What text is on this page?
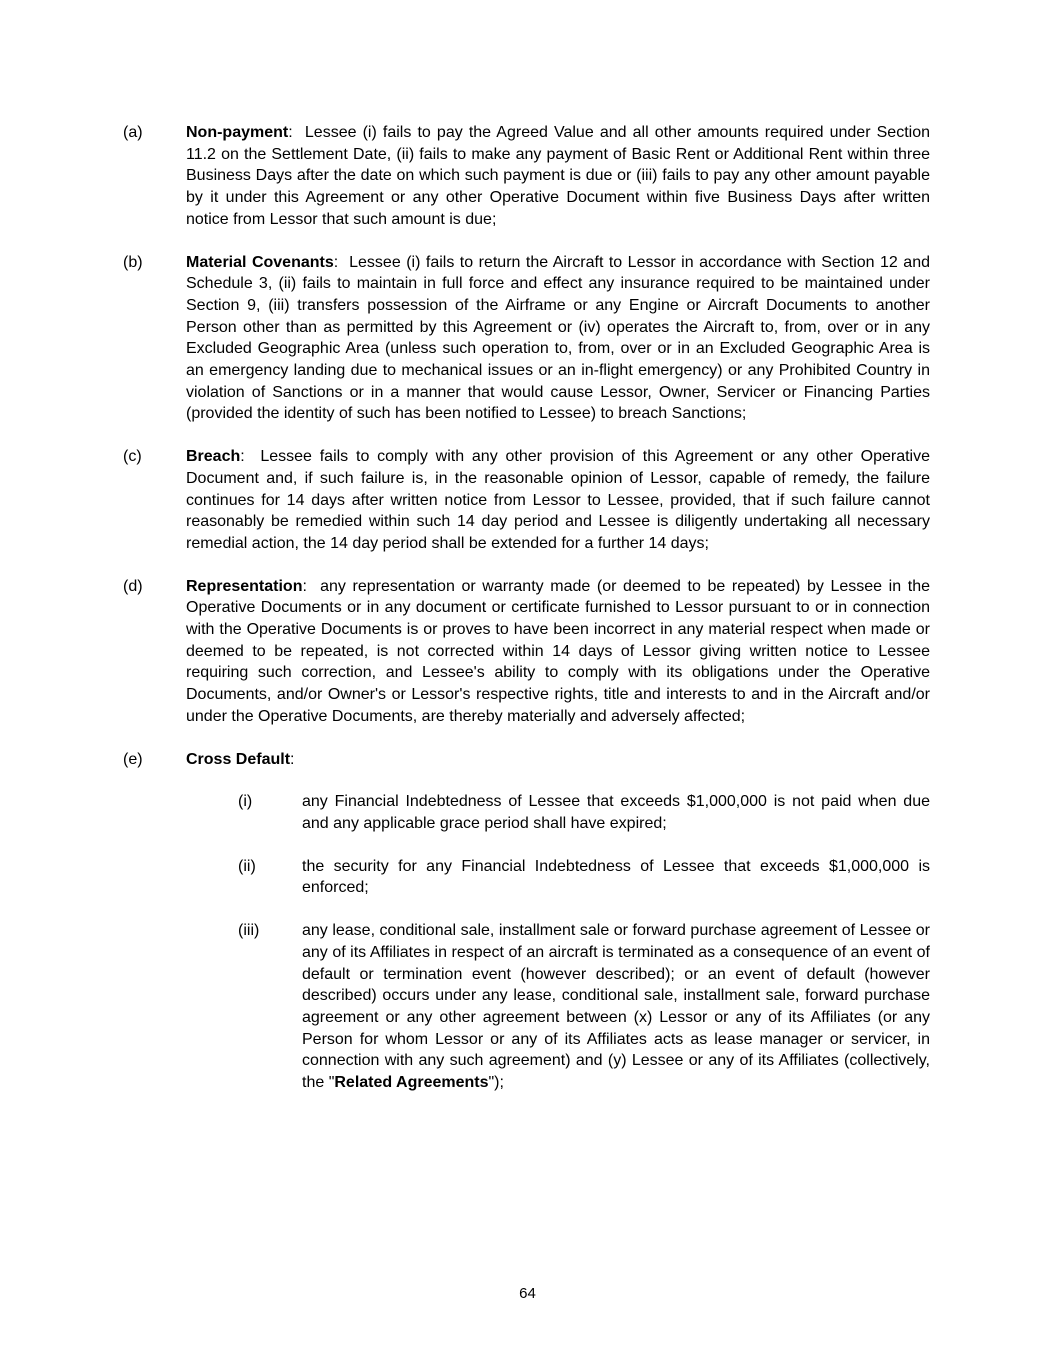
(a)	Non-payment:  Lessee (i) fails to pay the Agreed Value and all other amounts required under Section 11.2 on the Settlement Date, (ii) fails to make any payment of Basic Rent or Additional Rent within three Business Days after the date on which such payment is due or (iii) fails to pay any other amount payable by it under this Agreement or any other Operative Document within five Business Days after written notice from Lessor that such amount is due;
(b)	Material Covenants:  Lessee (i) fails to return the Aircraft to Lessor in accordance with Section 12 and Schedule 3, (ii) fails to maintain in full force and effect any insurance required to be maintained under Section 9, (iii) transfers possession of the Airframe or any Engine or Aircraft Documents to another Person other than as permitted by this Agreement or (iv) operates the Aircraft to, from, over or in any Excluded Geographic Area (unless such operation to, from, over or in an Excluded Geographic Area is an emergency landing due to mechanical issues or an in-flight emergency) or any Prohibited Country in violation of Sanctions or in a manner that would cause Lessor, Owner, Servicer or Financing Parties (provided the identity of such has been notified to Lessee) to breach Sanctions;
(c)	Breach:  Lessee fails to comply with any other provision of this Agreement or any other Operative Document and, if such failure is, in the reasonable opinion of Lessor, capable of remedy, the failure continues for 14 days after written notice from Lessor to Lessee, provided, that if such failure cannot reasonably be remedied within such 14 day period and Lessee is diligently undertaking all necessary remedial action, the 14 day period shall be extended for a further 14 days;
(d)	Representation:  any representation or warranty made (or deemed to be repeated) by Lessee in the Operative Documents or in any document or certificate furnished to Lessor pursuant to or in connection with the Operative Documents is or proves to have been incorrect in any material respect when made or deemed to be repeated, is not corrected within 14 days of Lessor giving written notice to Lessee requiring such correction, and Lessee's ability to comply with its obligations under the Operative Documents, and/or Owner's or Lessor's respective rights, title and interests to and in the Aircraft and/or under the Operative Documents, are thereby materially and adversely affected;
(e)	Cross Default:
(i)	any Financial Indebtedness of Lessee that exceeds $1,000,000 is not paid when due and any applicable grace period shall have expired;
(ii)	the security for any Financial Indebtedness of Lessee that exceeds $1,000,000 is enforced;
(iii)	any lease, conditional sale, installment sale or forward purchase agreement of Lessee or any of its Affiliates in respect of an aircraft is terminated as a consequence of an event of default or termination event (however described); or an event of default (however described) occurs under any lease, conditional sale, installment sale, forward purchase agreement or any other agreement between (x) Lessor or any of its Affiliates (or any Person for whom Lessor or any of its Affiliates acts as lease manager or servicer, in connection with any such agreement) and (y) Lessee or any of its Affiliates (collectively, the "Related Agreements");
64
